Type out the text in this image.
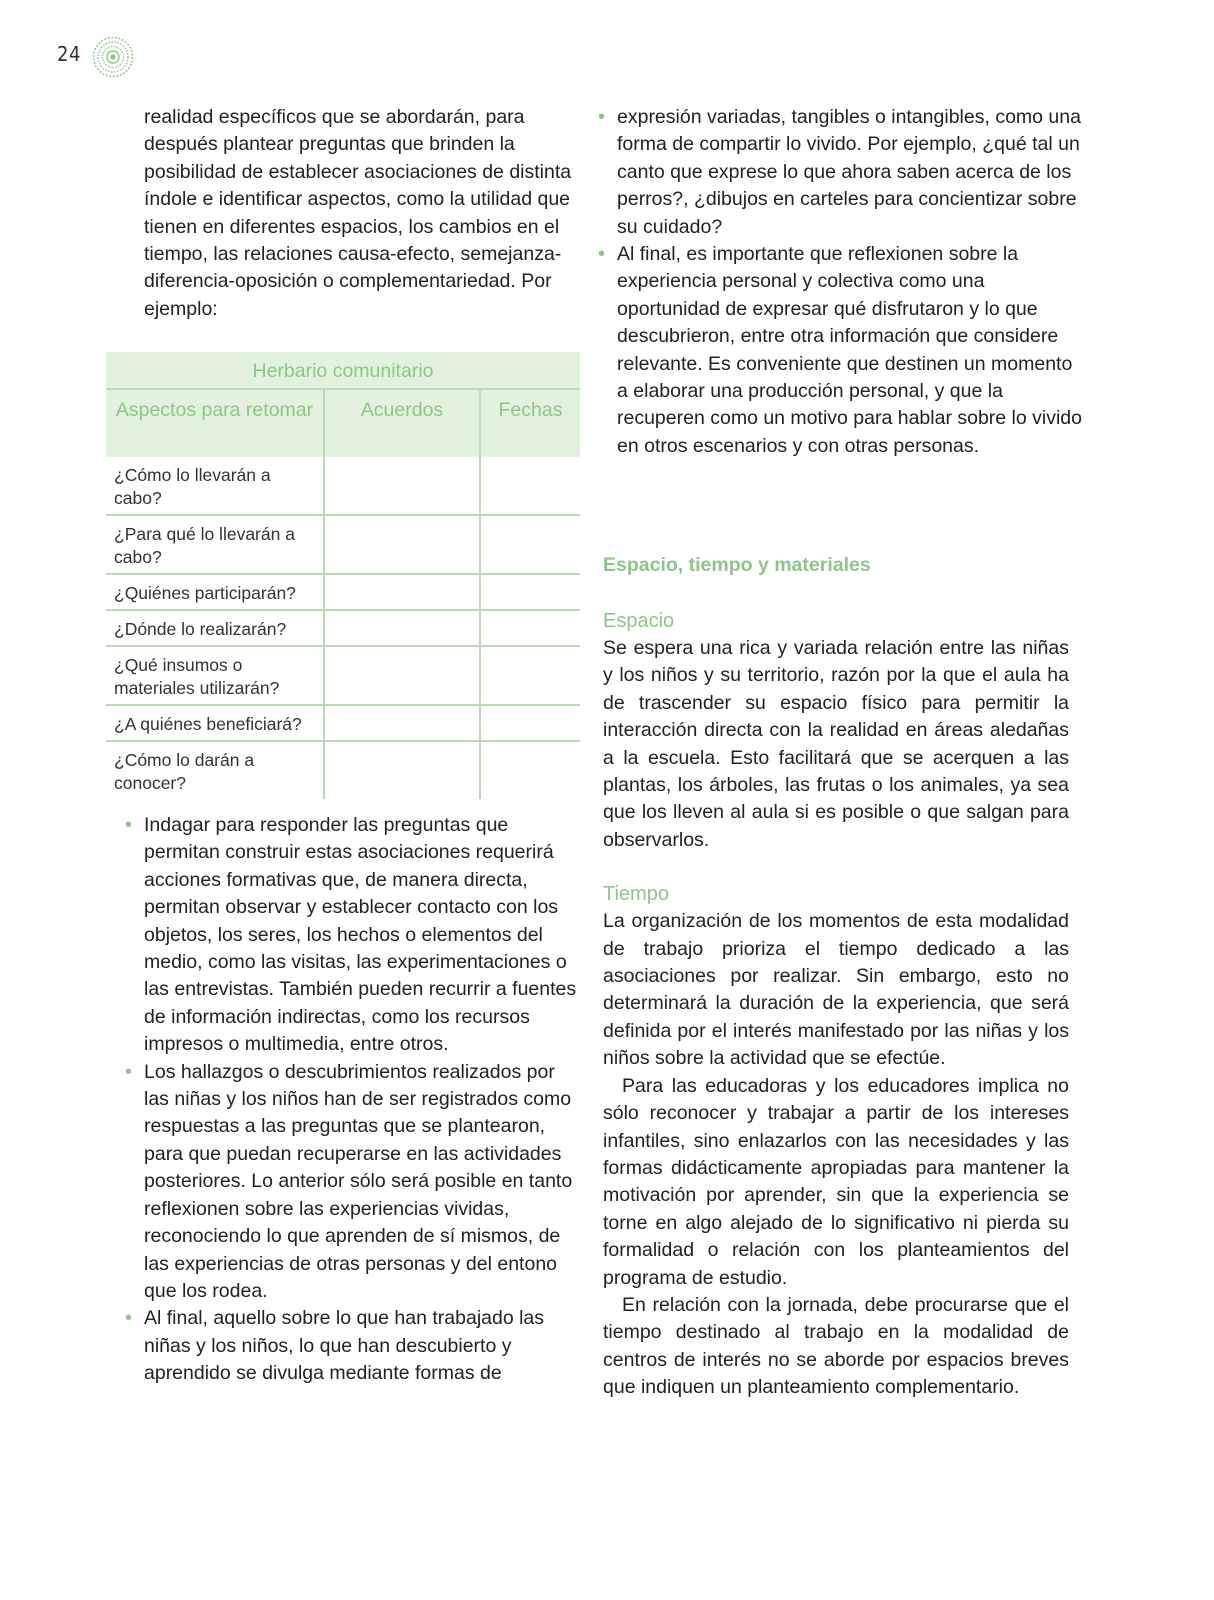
24

realidad específicos que se abordarán, para después plantear preguntas que brinden la posibilidad de establecer asociaciones de distinta índole e identificar aspectos, como la utilidad que tienen en diferentes espacios, los cambios en el tiempo, las relaciones causa-efecto, semejanza-diferencia-oposición o complementariedad. Por ejemplo:

Herbario comunitario		
Aspectos para retomar	Acuerdos	Fechas
¿Cómo lo llevarán a cabo?		
¿Para qué lo llevarán a cabo?		
¿Quiénes participarán?		
¿Dónde lo realizarán?		
¿Qué insumos o materiales utilizarán?		
¿A quiénes beneficiará?		
¿Cómo lo darán a conocer?		
• Indagar para responder las preguntas que permitan construir estas asociaciones requerirá acciones formativas que, de manera directa, permitan observar y establecer contacto con los objetos, los seres, los hechos o elementos del medio, como las visitas, las experimentaciones o las entrevistas. También pueden recurrir a fuentes de información indirectas, como los recursos impresos o multimedia, entre otros.
• Los hallazgos o descubrimientos realizados por las niñas y los niños han de ser registrados como respuestas a las preguntas que se plantearon, para que puedan recuperarse en las actividades posteriores. Lo anterior sólo será posible en tanto reflexionen sobre las experiencias vividas, reconociendo lo que aprenden de sí mismos, de las experiencias de otras personas y del entono que los rodea.
• Al final, aquello sobre lo que han trabajado las niñas y los niños, lo que han descubierto y aprendido se divulga mediante formas de
• expresión variadas, tangibles o intangibles, como una forma de compartir lo vivido. Por ejemplo, ¿qué tal un canto que exprese lo que ahora saben acerca de los perros?, ¿dibujos en carteles para concientizar sobre su cuidado?
• Al final, es importante que reflexionen sobre la experiencia personal y colectiva como una oportunidad de expresar qué disfrutaron y lo que descubrieron, entre otra información que considere relevante. Es conveniente que destinen un momento a elaborar una producción personal, y que la recuperen como un motivo para hablar sobre lo vivido en otros escenarios y con otras personas.
Espacio, tiempo y materiales
Espacio

Se espera una rica y variada relación entre las niñas y los niños y su territorio, razón por la que el aula ha de trascender su espacio físico para permitir la interacción directa con la realidad en áreas aledañas a la escuela. Esto facilitará que se acerquen a las plantas, los árboles, las frutas o los animales, ya sea que los lleven al aula si es posible o que salgan para observarlos.

Tiempo

La organización de los momentos de esta modalidad de trabajo prioriza el tiempo dedicado a las asociaciones por realizar. Sin embargo, esto no determinará la duración de la experiencia, que será definida por el interés manifestado por las niñas y los niños sobre la actividad que se efectúe.

Para las educadoras y los educadores implica no sólo reconocer y trabajar a partir de los intereses infantiles, sino enlazarlos con las necesidades y las formas didácticamente apropiadas para mantener la motivación por aprender, sin que la experiencia se torne en algo alejado de lo significativo ni pierda su formalidad o relación con los planteamientos del programa de estudio.

En relación con la jornada, debe procurarse que el tiempo destinado al trabajo en la modalidad de centros de interés no se aborde por espacios breves que indiquen un planteamiento complementario.
